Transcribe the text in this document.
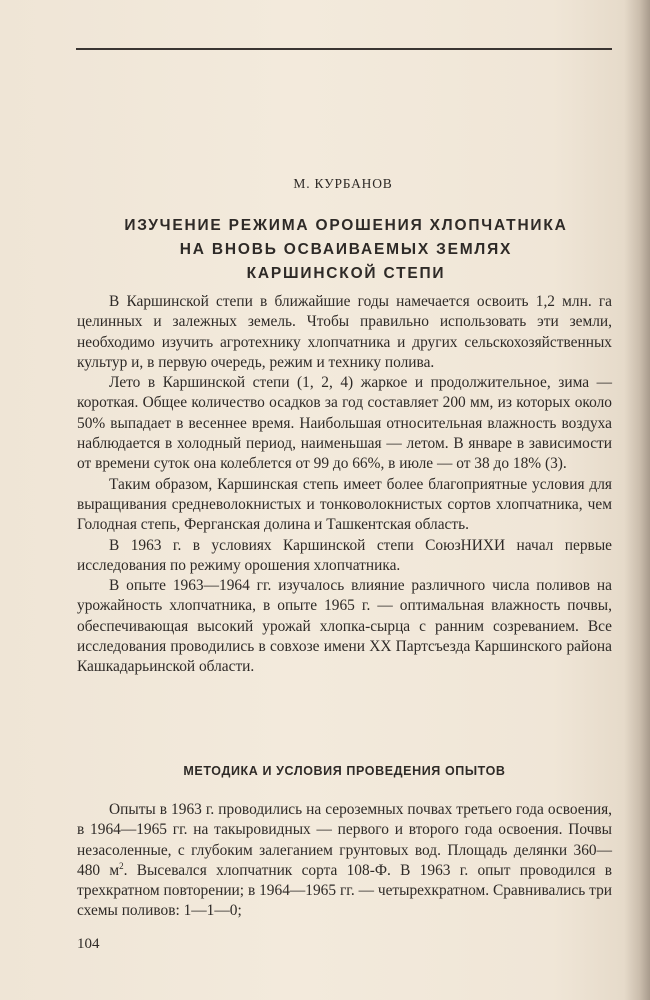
М. КУРБАНОВ
ИЗУЧЕНИЕ РЕЖИМА ОРОШЕНИЯ ХЛОПЧАТНИКА
НА ВНОВЬ ОСВАИВАЕМЫХ ЗЕМЛЯХ
КАРШИНСКОЙ СТЕПИ

В Каршинской степи в ближайшие годы намечается освоить 1,2 млн. га целинных и залежных земель. Чтобы правильно использовать эти земли, необходимо изучить агротехнику хлопчатника и других сельскохозяйственных культур и, в первую очередь, режим и технику полива.

Лето в Каршинской степи (1, 2, 4) жаркое и продолжительное, зима — короткая. Общее количество осадков за год составляет 200 мм, из которых около 50% выпадает в весеннее время. Наибольшая относительная влажность воздуха наблюдается в холодный период, наименьшая — летом. В январе в зависимости от времени суток она колеблется от 99 до 66%, в июле — от 38 до 18% (3).

Таким образом, Каршинская степь имеет более благоприятные условия для выращивания средневолокнистых и тонковолокнистых сортов хлопчатника, чем Голодная степь, Ферганская долина и Ташкентская область.

В 1963 г. в условиях Каршинской степи СоюзНИХИ начал первые исследования по режиму орошения хлопчатника.

В опыте 1963—1964 гг. изучалось влияние различного числа поливов на урожайность хлопчатника, в опыте 1965 г. — оптимальная влажность почвы, обеспечивающая высокий урожай хлопка-сырца с ранним созреванием. Все исследования проводились в совхозе имени XX Партсъезда Каршинского района Кашкадарьинской области.

МЕТОДИКА И УСЛОВИЯ ПРОВЕДЕНИЯ ОПЫТОВ

Опыты в 1963 г. проводились на сероземных почвах третьего года освоения, в 1964—1965 гг. на такыровидных — первого и второго года освоения. Почвы незасоленные, с глубоким залеганием грунтовых вод. Площадь делянки 360—480 $м^2$. Высевался хлопчатник сорта 108-Ф. В 1963 г. опыт проводился в трехкратном повторении; в 1964—1965 гг. — четырехкратном. Сравнивались три схемы поливов: 1—1—0;

104
